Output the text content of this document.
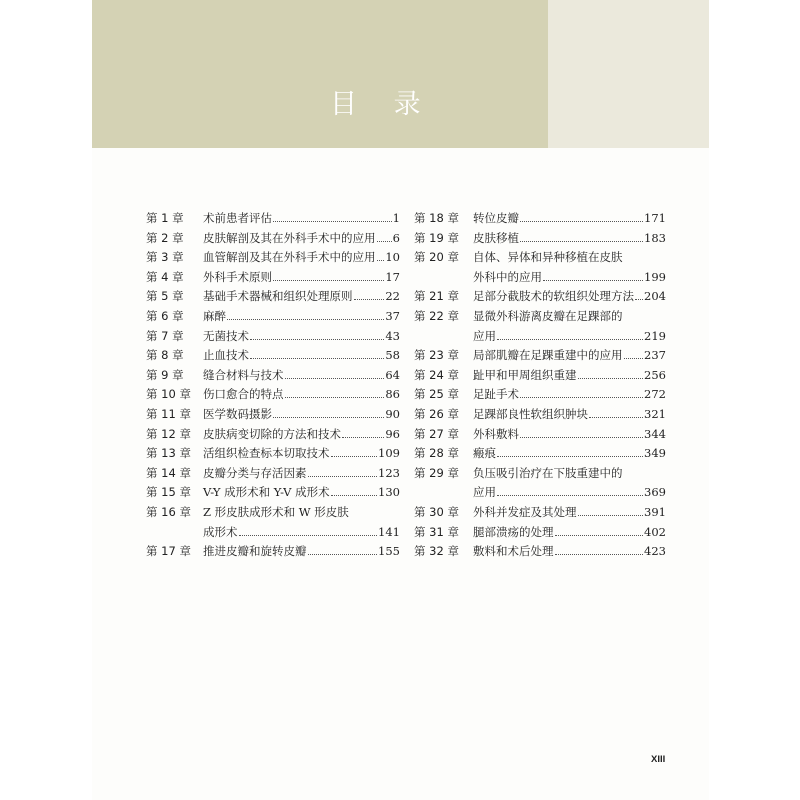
目 录
第 1 章 术前患者评估	1
第 2 章 皮肤解剖及其在外科手术中的应用 6
第 3 章 血管解剖及其在外科手术中的应用 10
第 4 章 外科手术原则	17
第 5 章 基础手术器械和组织处理原则	22
第 6 章 麻醉	37
第 7 章 无菌技术	43
第 8 章 止血技术	58
第 9 章 缝合材料与技术	64
第 10 章 伤口愈合的特点	86
第 11 章 医学数码摄影	90
第 12 章 皮肤病变切除的方法和技术	96
第 13 章 活组织检查标本切取技术	109
第 14 章 皮瓣分类与存活因素	123
第 15 章 V-Y 成形术和 Y-V 成形术	130
第 16 章 Z 形皮肤成形术和 W 形皮肤
成形术	141
第 17 章 推进皮瓣和旋转皮瓣	155
第 18 章 转位皮瓣	171
第 19 章 皮肤移植	183
第 20 章 自体、异体和异种移植在皮肤
外科中的应用	199
第 21 章 足部分截肢术的软组织处理方法 204
第 22 章 显微外科游离皮瓣在足踝部的
应用	219
第 23 章 局部肌瓣在足踝重建中的应用 237
第 24 章 趾甲和甲周组织重建	256
第 25 章 足趾手术	272
第 26 章 足踝部良性软组织肿块	321
第 27 章 外科敷料	344
第 28 章 瘢痕	349
第 29 章 负压吸引治疗在下肢重建中的
应用	369
第 30 章 外科并发症及其处理	391
第 31 章 腿部溃疡的处理	402
第 32 章 敷料和术后处理	423
XIII
